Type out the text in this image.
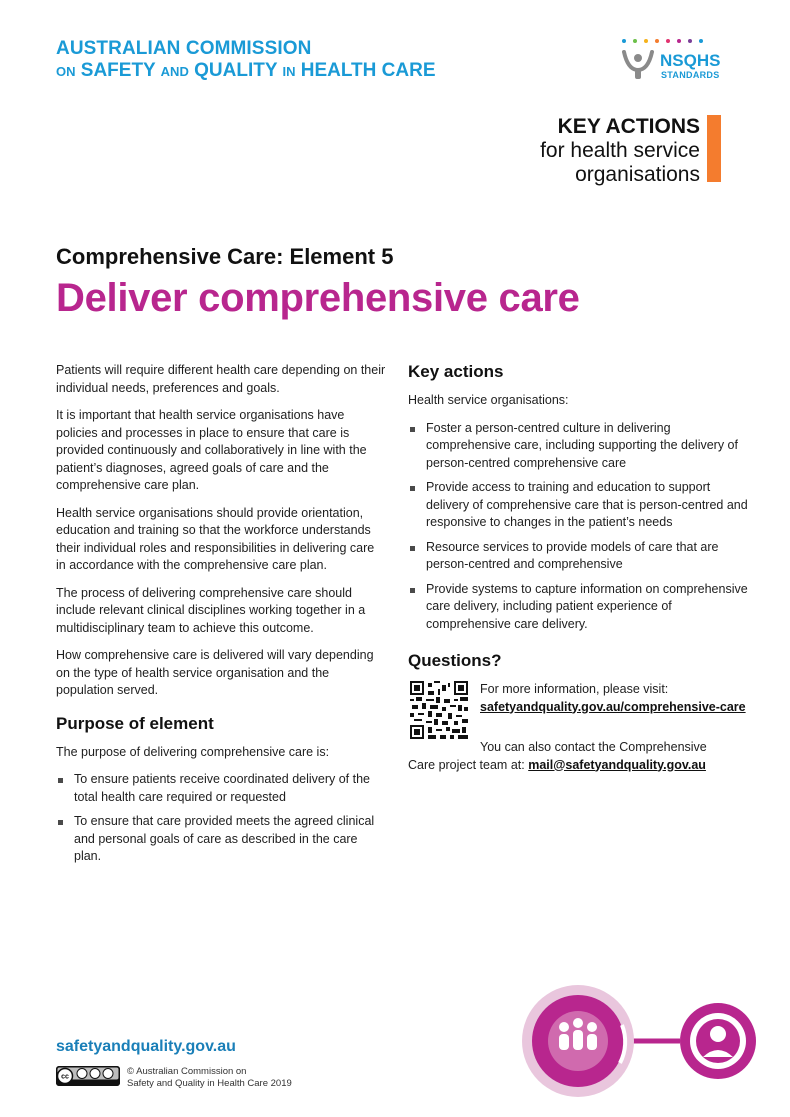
AUSTRALIAN COMMISSION
ON SAFETY AND QUALITY IN HEALTH CARE	NSQHS
STANDARDS
KEY ACTIONS
for health service
organisations
Comprehensive Care: Element 5
Deliver comprehensive care

Patients will require different health care depending on their individual needs, preferences and goals.

It is important that health service organisations have policies and processes in place to ensure that care is provided continuously and collaboratively in line with the patient’s diagnoses, agreed goals of care and the comprehensive care plan.

Health service organisations should provide orientation, education and training so that the workforce understands their individual roles and responsibilities in delivering care in accordance with the comprehensive care plan.

The process of delivering comprehensive care should include relevant clinical disciplines working together in a multidisciplinary team to achieve this outcome.

How comprehensive care is delivered will vary depending on the type of health service organisation and the population served.

Purpose of element

The purpose of delivering comprehensive care is:

To ensure patients receive coordinated delivery of the total health care required or requested
To ensure that care provided meets the agreed clinical and personal goals of care as described in the care plan.
Key actions

Health service organisations:

Foster a person-centred culture in delivering comprehensive care, including supporting the delivery of person-centred comprehensive care
Provide access to training and education to support delivery of comprehensive care that is person-centred and responsive to changes in the patient’s needs
Resource services to provide models of care that are person-centred and comprehensive
Provide systems to capture information on comprehensive care delivery, including patient experience of comprehensive care delivery.
Questions?
For more information, please visit:
safetyandquality.gov.au/comprehensive-care
You can also contact the Comprehensive
Care project team at: mail@safetyandquality.gov.au
safetyandquality.gov.au
cc	© Australian Commission on
Safety and Quality in Health Care 2019
